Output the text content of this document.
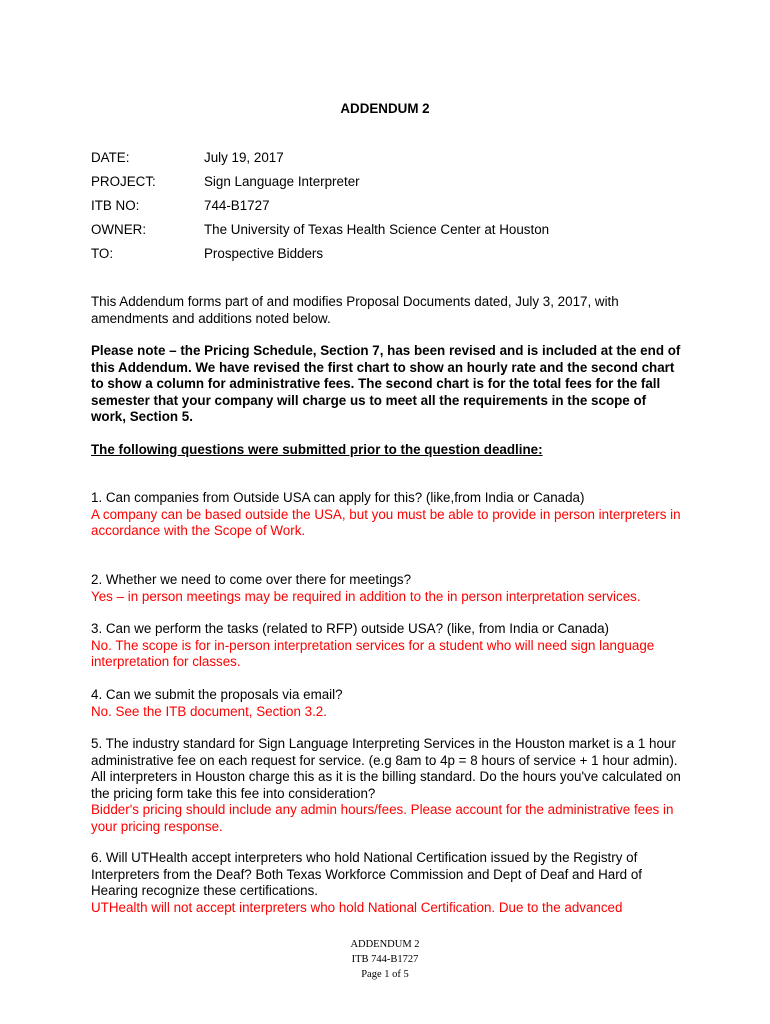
ADDENDUM 2
DATE:	July 19, 2017
PROJECT:	Sign Language Interpreter
ITB NO:	744-B1727
OWNER:	The University of Texas Health Science Center at Houston
TO:	Prospective Bidders
This Addendum forms part of and modifies Proposal Documents dated, July 3, 2017, with amendments and additions noted below.
Please note – the Pricing Schedule, Section 7, has been revised and is included at the end of this Addendum. We have revised the first chart to show an hourly rate and the second chart to show a column for administrative fees. The second chart is for the total fees for the fall semester that your company will charge us to meet all the requirements in the scope of work, Section 5.
The following questions were submitted prior to the question deadline:
1. Can companies from Outside USA can apply for this? (like,from India or Canada)
A company can be based outside the USA, but you must be able to provide in person interpreters in accordance with the Scope of Work.
2. Whether we need to come over there for meetings?
Yes – in person meetings may be required in addition to the in person interpretation services.
3. Can we perform the tasks (related to RFP) outside USA? (like, from India or Canada)
No. The scope is for in-person interpretation services for a student who will need sign language interpretation for classes.
4. Can we submit the proposals via email?
No. See the ITB document, Section 3.2.
5. The industry standard for Sign Language Interpreting Services in the Houston market is a 1 hour administrative fee on each request for service. (e.g 8am to 4p = 8 hours of service + 1 hour admin). All interpreters in Houston charge this as it is the billing standard. Do the hours you've calculated on the pricing form take this fee into consideration?
Bidder's pricing should include any admin hours/fees. Please account for the administrative fees in your pricing response.
6. Will UTHealth accept interpreters who hold National Certification issued by the Registry of Interpreters from the Deaf? Both Texas Workforce Commission and Dept of Deaf and Hard of Hearing recognize these certifications.
UTHealth will not accept interpreters who hold National Certification. Due to the advanced
ADDENDUM 2
ITB 744-B1727
Page 1 of 5
